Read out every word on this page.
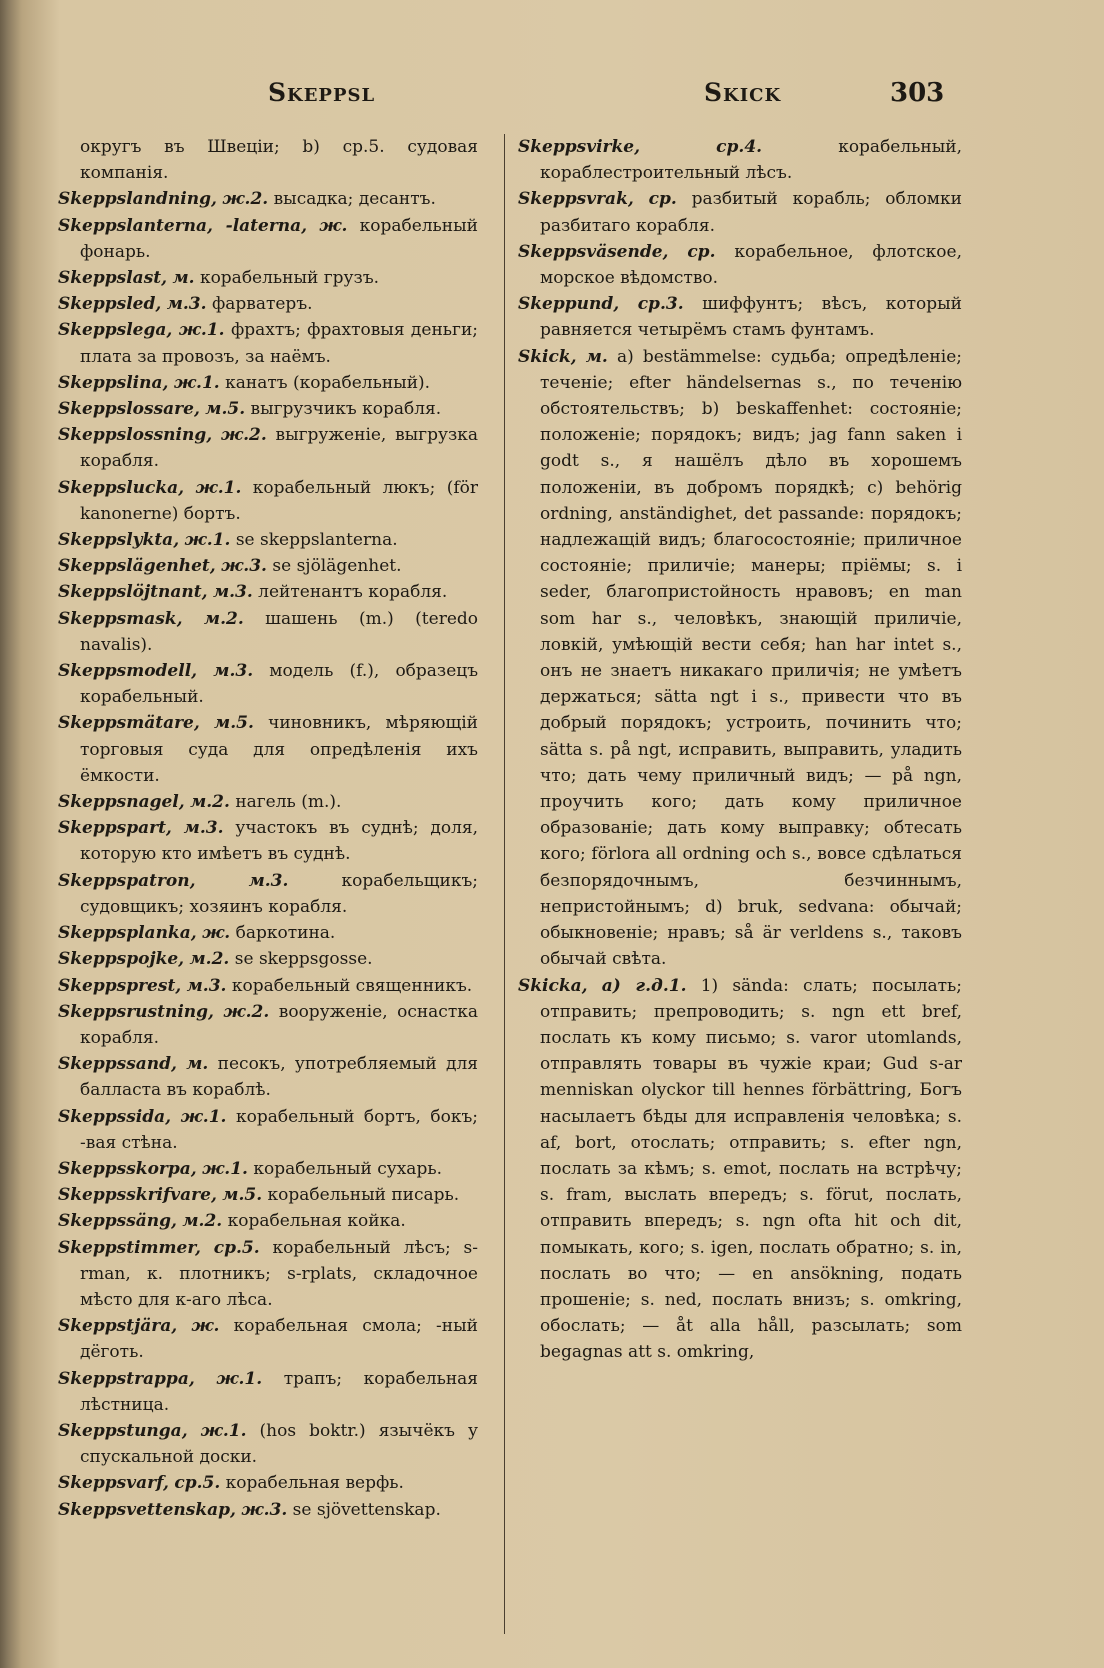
Skeppsl	Skick	303

округъ въ Швеціи; b) ср.5. судовая компанія.

Skeppslandning, ж.2. высадка; десантъ.

Skeppslanterna, -laterna, ж. корабельный фонарь.

Skeppslast, м. корабельный грузъ.

Skeppsled, м.3. фарватеръ.

Skeppslega, ж.1. фрахтъ; фрахтовыя деньги; плата за провозъ, за наёмъ.

Skeppslina, ж.1. канатъ (корабельный).

Skeppslossare, м.5. выгрузчикъ корабля.

Skeppslossning, ж.2. выгруженіе, выгрузка корабля.

Skeppslucka, ж.1. корабельный люкъ; (för kanonerne) бортъ.

Skeppslykta, ж.1. se skeppslanterna.

Skeppslägenhet, ж.3. se sjölägenhet.

Skeppslöjtnant, м.3. лейтенантъ корабля.

Skeppsmask, м.2. шашень (m.) (teredo navalis).

Skeppsmodell, м.3. модель (f.), образецъ корабельный.

Skeppsmätare, м.5. чиновникъ, мѣряющій торговыя суда для опредѣленія ихъ ёмкости.

Skeppsnagel, м.2. нагель (m.).

Skeppspart, м.3. участокъ въ суднѣ; доля, которую кто имѣетъ въ суднѣ.

Skeppspatron,	м.3.	корабельщикъ; судовщикъ; хозяинъ корабля.

Skeppsplanka, ж. баркотина.

Skeppspojke, м.2. se skeppsgosse.

Skeppsprest, м.3. корабельный священникъ.

Skeppsrustning, ж.2. вооруженіе, оснастка корабля.

Skeppssand, м. песокъ, употребляемый для балласта въ кораблѣ.

Skeppssida, ж.1. корабельный бортъ, бокъ; -вая стѣна.

Skeppsskorpa, ж.1. корабельный сухарь.

Skeppsskrifvare, м.5. корабельный писарь.

Skeppssäng, м.2. корабельная койка.

Skeppstimmer, ср.5. корабельный лѣсъ; s-rman, к. плотникъ; s-rplats, складочное мѣсто для к-аго лѣса.

Skeppstjära, ж. корабельная смола; -ный дёготь.

Skeppstrappa, ж.1. трапъ; корабельная лѣстница.

Skeppstunga, ж.1. (hos boktr.) язычёкъ у спускальной доски.

Skeppsvarf, ср.5. корабельная верфь.

Skeppsvettenskap, ж.3. se sjövettenskap.

Skeppsvirke,	ср.4.	корабельный, кораблестроительный лѣсъ.

Skeppsvrak, ср. разбитый корабль; обломки разбитаго корабля.

Skeppsväsende, ср. корабельное, флотское, морское вѣдомство.

Skeppund, ср.3. шиффунтъ; вѣсъ, который равняется четырёмъ стамъ фунтамъ.

Skick, м. a) bestämmelse: судьба; опредѣленіе; теченіе; efter händelsernas s., по теченію обстоятельствъ; b) beskaffenhet: состояніе; положеніе; порядокъ; видъ; jag fann saken i godt s., я нашёлъ дѣло въ хорошемъ положеніи, въ добромъ порядкѣ; c) behörig ordning, anständighet, det passande: порядокъ; надлежащій видъ; благосостояніе; приличное состояніе; приличіе; манеры; пріёмы; s. i seder, благопристойность нравовъ; en man som har s., человѣкъ, знающій приличіе, ловкій, умѣющій вести себя; han har intet s., онъ не знаетъ никакаго приличія; не умѣетъ держаться; sätta ngt i s., привести что въ добрый порядокъ; устроить, починить что; sätta s. på ngt, исправить, выправить, уладить что; дать чему приличный видъ; — på ngn, проучить кого; дать кому приличное образованіе; дать кому выправку; обтесать кого; förlora all ordning och s., вовсе сдѣлаться безпорядочнымъ, безчиннымъ, непристойнымъ; d) bruk, sedvana: обычай; обыкновеніе; нравъ; så är verldens s., таковъ обычай свѣта.

Skicka, a) г.д.1. 1) sända: слать; посылать; отправить; препроводить; s. ngn ett bref, послать къ кому письмо; s. varor utomlands, отправлять товары въ чужіе краи; Gud s-ar menniskan olyckor till hennes förbättring, Богъ насылаетъ бѣды для исправленія человѣка; s. af, bort, отослать; отправить; s. efter ngn, послать за кѣмъ; s. emot, послать на встрѣчу; s. fram, выслать впередъ; s. förut, послать, отправить впередъ; s. ngn ofta hit och dit, помыкать, кого; s. igen, послать обратно; s. in, послать во что; — en ansökning, подать прошеніе; s. ned, послать внизъ; s. omkring, обослать; — åt alla håll, разсылать; som begagnas att s. omkring,
